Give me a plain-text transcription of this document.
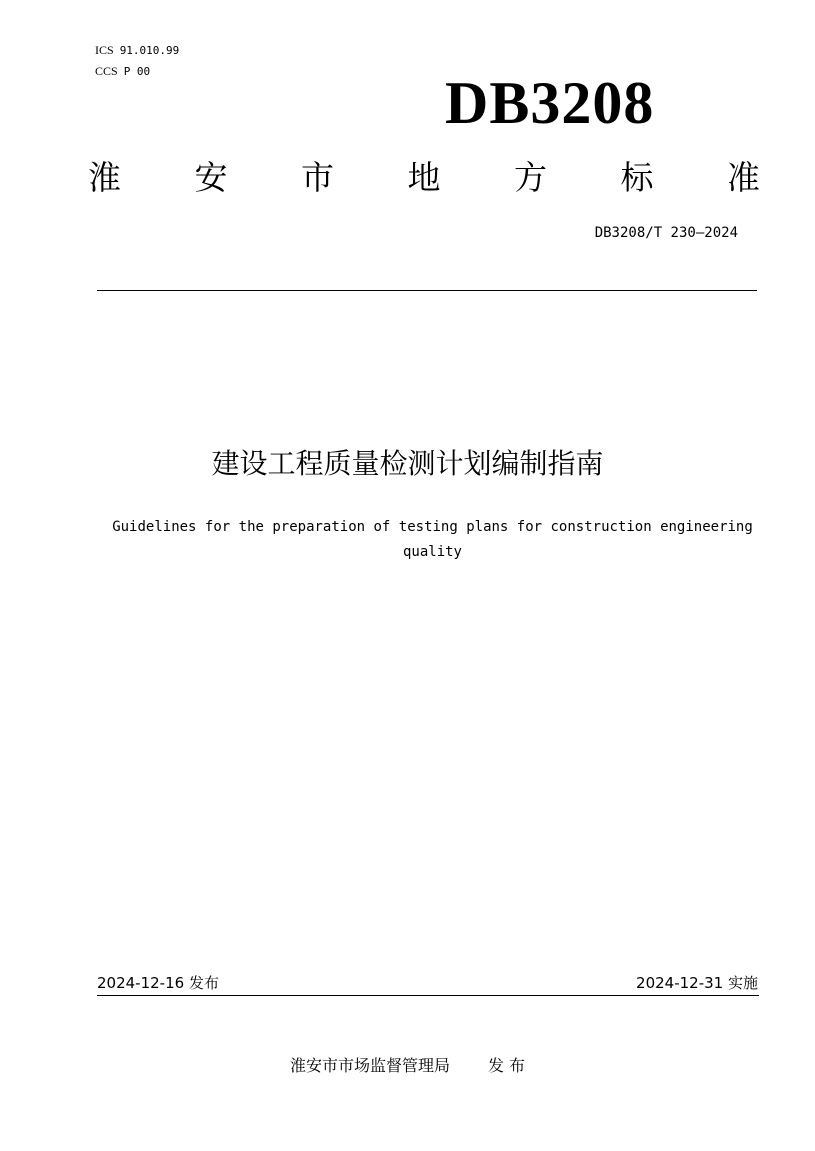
ICS 91.010.99
CCS P 00	DB3208
淮 安 市 地 方 标 准
DB3208/T 230—2024
建设工程质量检测计划编制指南
Guidelines for the preparation of testing plans for construction engineering quality
2024-12-16 发布	2024-12-31 实施
淮安市市场监督管理局 发 布
